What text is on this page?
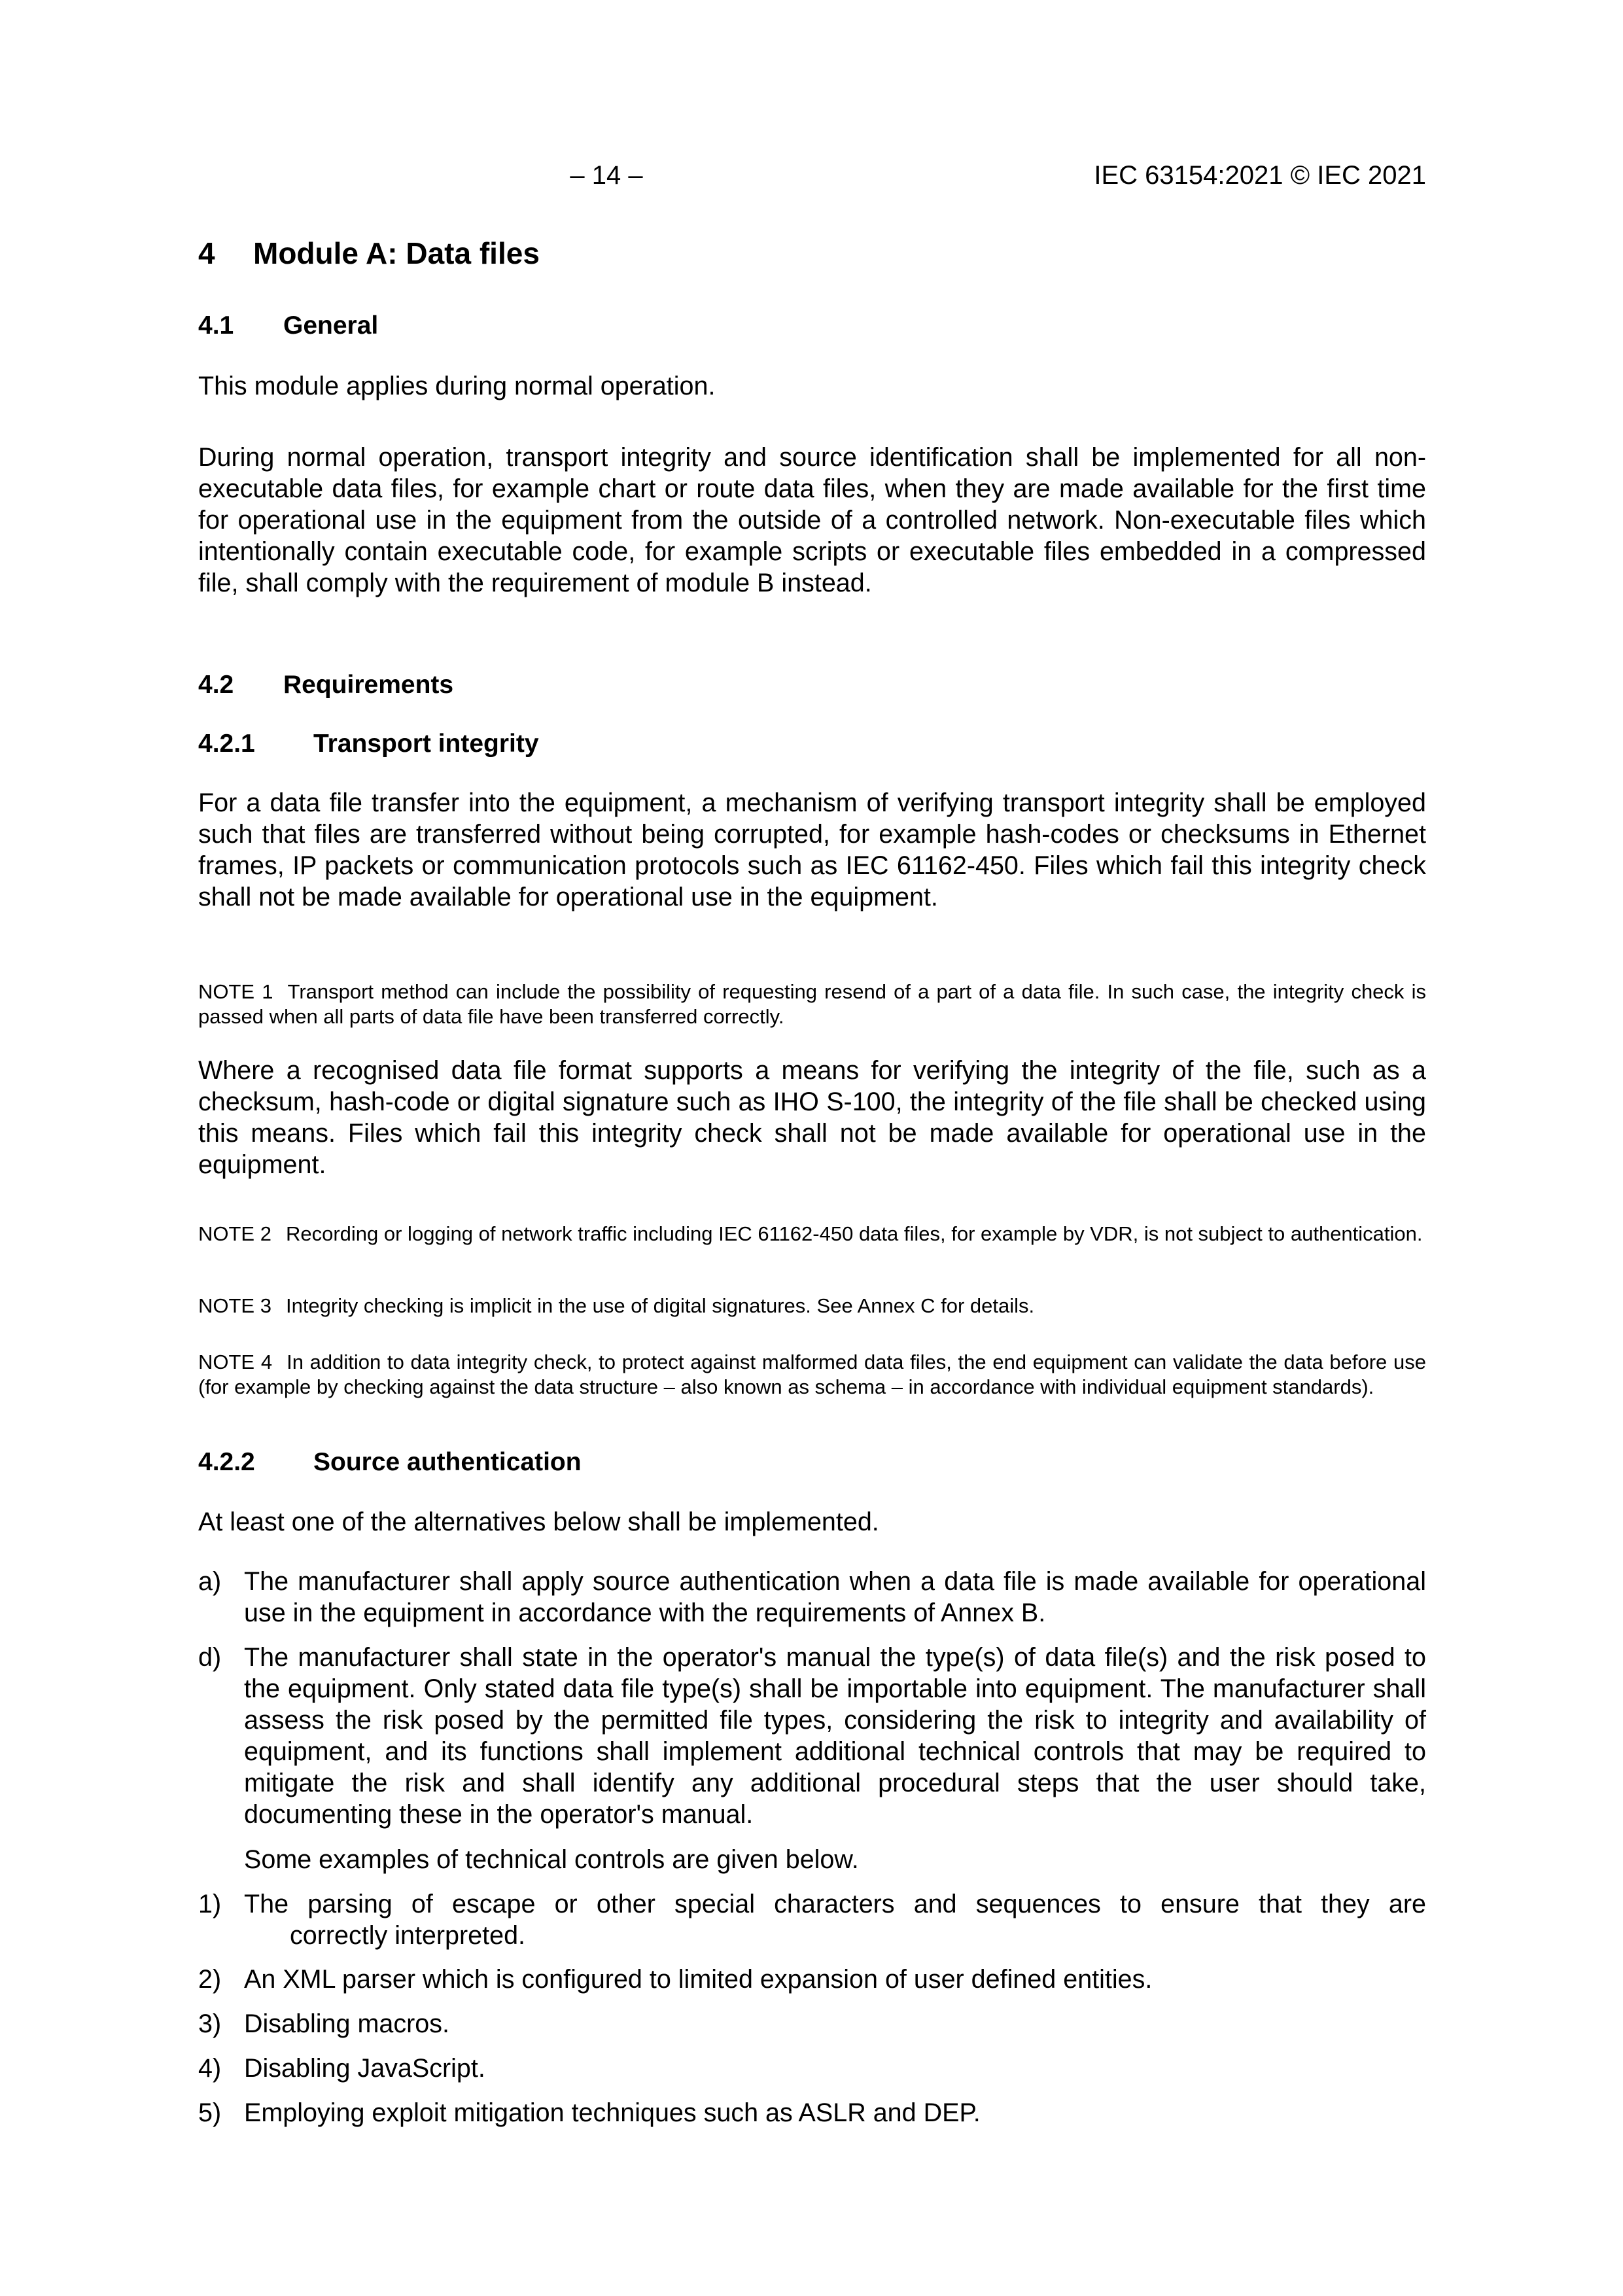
– 14 –	IEC 63154:2021 © IEC 2021
4 Module A: Data files
4.1 General
This module applies during normal operation.
During normal operation, transport integrity and source identification shall be implemented for all non-executable data files, for example chart or route data files, when they are made available for the first time for operational use in the equipment from the outside of a controlled network. Non-executable files which intentionally contain executable code, for example scripts or executable files embedded in a compressed file, shall comply with the requirement of module B instead.
4.2 Requirements
4.2.1 Transport integrity
For a data file transfer into the equipment, a mechanism of verifying transport integrity shall be employed such that files are transferred without being corrupted, for example hash-codes or checksums in Ethernet frames, IP packets or communication protocols such as IEC 61162-450. Files which fail this integrity check shall not be made available for operational use in the equipment.
NOTE 1 Transport method can include the possibility of requesting resend of a part of a data file. In such case, the integrity check is passed when all parts of data file have been transferred correctly.
Where a recognised data file format supports a means for verifying the integrity of the file, such as a checksum, hash-code or digital signature such as IHO S-100, the integrity of the file shall be checked using this means. Files which fail this integrity check shall not be made available for operational use in the equipment.
NOTE 2 Recording or logging of network traffic including IEC 61162-450 data files, for example by VDR, is not subject to authentication.
NOTE 3 Integrity checking is implicit in the use of digital signatures. See Annex C for details.
NOTE 4 In addition to data integrity check, to protect against malformed data files, the end equipment can validate the data before use (for example by checking against the data structure – also known as schema – in accordance with individual equipment standards).
4.2.2 Source authentication
At least one of the alternatives below shall be implemented.
a) The manufacturer shall apply source authentication when a data file is made available for operational use in the equipment in accordance with the requirements of Annex B.
d) The manufacturer shall state in the operator's manual the type(s) of data file(s) and the risk posed to the equipment. Only stated data file type(s) shall be importable into equipment. The manufacturer shall assess the risk posed by the permitted file types, considering the risk to integrity and availability of equipment, and its functions shall implement additional technical controls that may be required to mitigate the risk and shall identify any additional procedural steps that the user should take, documenting these in the operator's manual.
Some examples of technical controls are given below.
1) The parsing of escape or other special characters and sequences to ensure that they are
correctly interpreted.
2) An XML parser which is configured to limited expansion of user defined entities.
3) Disabling macros.
4) Disabling JavaScript.
5) Employing exploit mitigation techniques such as ASLR and DEP.
